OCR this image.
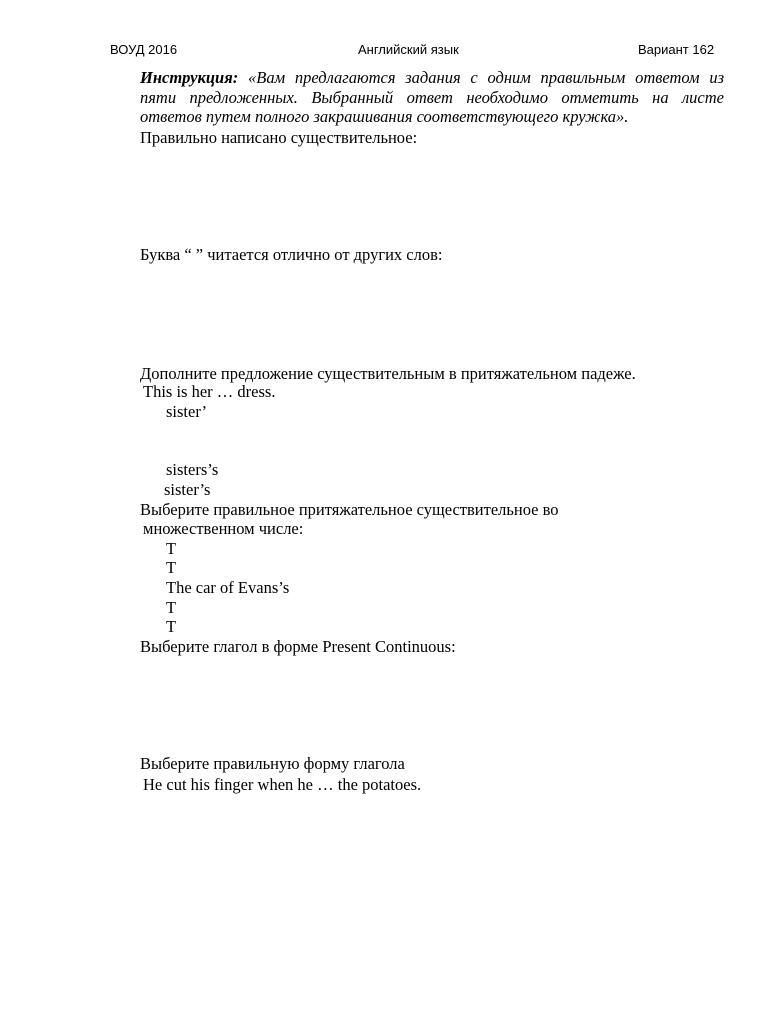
ВОУД 2016	Английский язык	Вариант 162
Инструкция: «Вам предлагаются задания с одним правильным ответом из
пяти предложенных. Выбранный ответ необходимо отметить на листе
ответов путем полного закрашивания соответствующего кружка».
Правильно написано существительное:
Буква “ ” читается отлично от других слов:
Дополните предложение существительным в притяжательном падеже.
This is her … dress.
sister’
sisters’s
sister’s
Выберите правильное притяжательное существительное во
множественном числе:
T
T
The car of Evans’s
T
T
Выберите глагол в форме Present Continuous:
Выберите правильную форму глагола
He cut his finger when he … the potatoes.
